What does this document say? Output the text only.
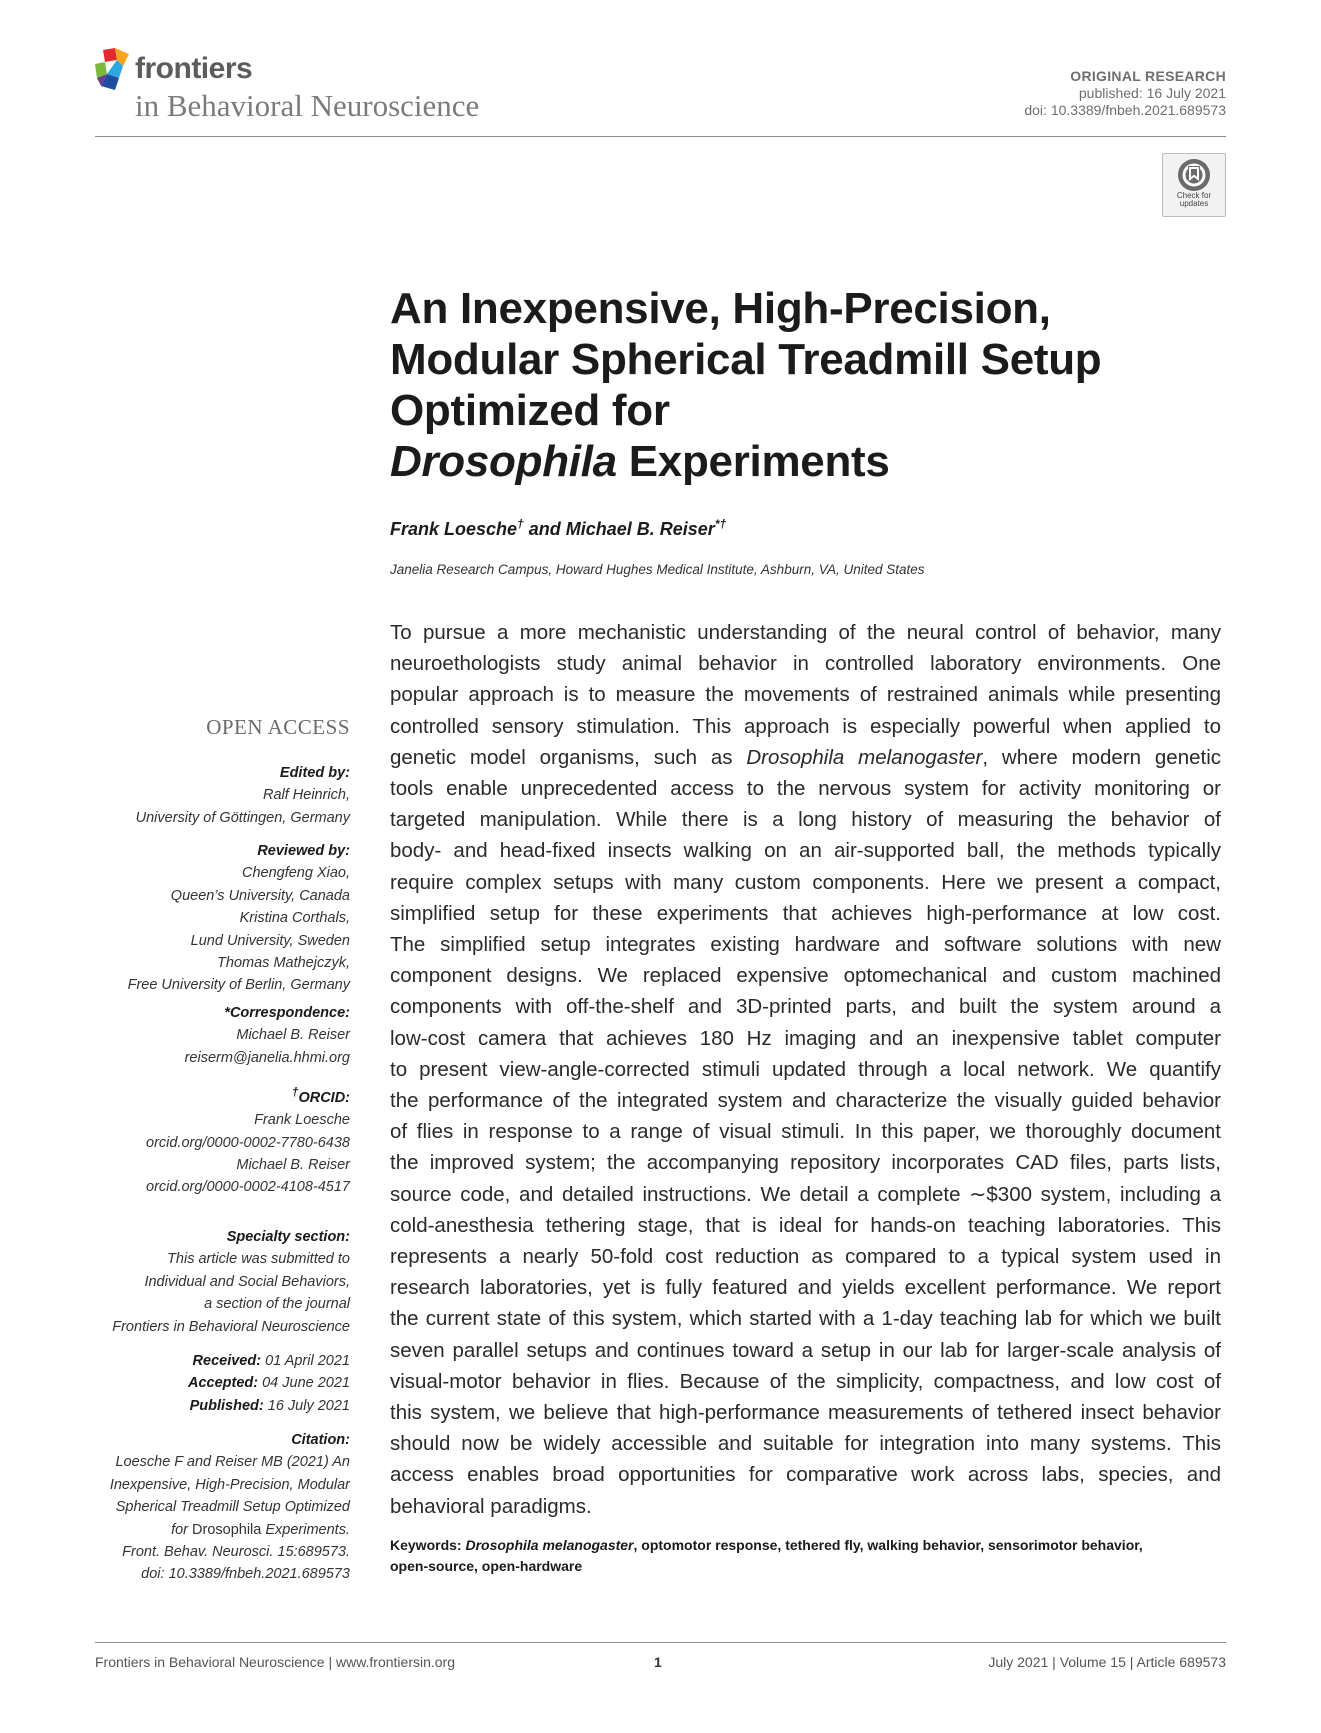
frontiers
in Behavioral Neuroscience
ORIGINAL RESEARCH
published: 16 July 2021
doi: 10.3389/fnbeh.2021.689573
Check for
updates
An Inexpensive, High-Precision,
Modular Spherical Treadmill Setup
Optimized for
Drosophila Experiments
Frank Loesche† and Michael B. Reiser*†
Janelia Research Campus, Howard Hughes Medical Institute, Ashburn, VA, United States
To pursue a more mechanistic understanding of the neural control of behavior, many
neuroethologists study animal behavior in controlled laboratory environments. One
popular approach is to measure the movements of restrained animals while presenting
controlled sensory stimulation. This approach is especially powerful when applied to
genetic model organisms, such as Drosophila melanogaster, where modern genetic
tools enable unprecedented access to the nervous system for activity monitoring or
targeted manipulation. While there is a long history of measuring the behavior of
body- and head-fixed insects walking on an air-supported ball, the methods typically
require complex setups with many custom components. Here we present a compact,
simplified setup for these experiments that achieves high-performance at low cost.
The simplified setup integrates existing hardware and software solutions with new
component designs. We replaced expensive optomechanical and custom machined
components with off-the-shelf and 3D-printed parts, and built the system around a
low-cost camera that achieves 180 Hz imaging and an inexpensive tablet computer
to present view-angle-corrected stimuli updated through a local network. We quantify
the performance of the integrated system and characterize the visually guided behavior
of flies in response to a range of visual stimuli. In this paper, we thoroughly document
the improved system; the accompanying repository incorporates CAD files, parts lists,
source code, and detailed instructions. We detail a complete ∼$300 system, including a
cold-anesthesia tethering stage, that is ideal for hands-on teaching laboratories. This
represents a nearly 50-fold cost reduction as compared to a typical system used in
research laboratories, yet is fully featured and yields excellent performance. We report
the current state of this system, which started with a 1-day teaching lab for which we built
seven parallel setups and continues toward a setup in our lab for larger-scale analysis of
visual-motor behavior in flies. Because of the simplicity, compactness, and low cost of
this system, we believe that high-performance measurements of tethered insect behavior
should now be widely accessible and suitable for integration into many systems. This
access enables broad opportunities for comparative work across labs, species, and
behavioral paradigms.
Keywords: Drosophila melanogaster, optomotor response, tethered fly, walking behavior, sensorimotor behavior,
open-source, open-hardware
OPEN ACCESS
Edited by:
Ralf Heinrich,
University of Göttingen, Germany
Reviewed by:
Chengfeng Xiao,
Queen’s University, Canada
Kristina Corthals,
Lund University, Sweden
Thomas Mathejczyk,
Free University of Berlin, Germany
*Correspondence:
Michael B. Reiser
reiserm@janelia.hhmi.org
†ORCID:
Frank Loesche
orcid.org/0000-0002-7780-6438
Michael B. Reiser
orcid.org/0000-0002-4108-4517
Specialty section:
This article was submitted to
Individual and Social Behaviors,
a section of the journal
Frontiers in Behavioral Neuroscience
Received: 01 April 2021
Accepted: 04 June 2021
Published: 16 July 2021
Citation:
Loesche F and Reiser MB (2021) An
Inexpensive, High-Precision, Modular
Spherical Treadmill Setup Optimized
for Drosophila Experiments.
Front. Behav. Neurosci. 15:689573.
doi: 10.3389/fnbeh.2021.689573
Frontiers in Behavioral Neuroscience | www.frontiersin.org	1	July 2021 | Volume 15 | Article 689573
